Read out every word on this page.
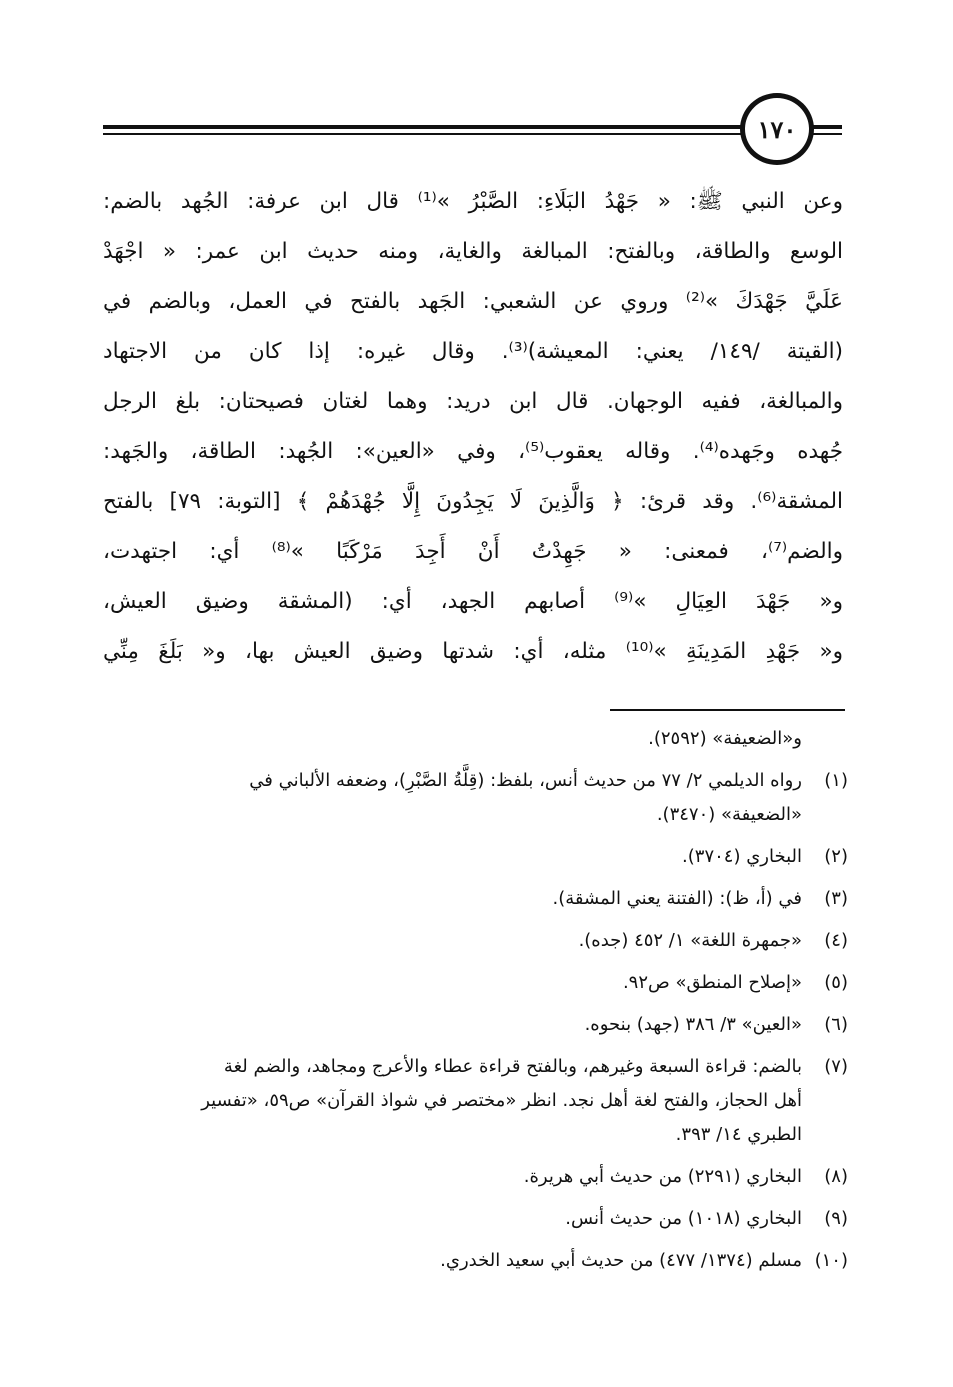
١٧٠
وعن النبي ﷺ: « جَهْدُ البَلَاءِ: الصَّبْرُ »⁽¹⁾ قال ابن عرفة: الجُهد بالضم:
الوسع والطاقة، وبالفتح: المبالغة والغاية، ومنه حديث ابن عمر: « اجْهَدْ
عَلَيَّ جَهْدَكَ »⁽²⁾ وروي عن الشعبي: الجَهد بالفتح في العمل، وبالضم في
(القيتة /١٤٩/ يعني: المعيشة)⁽³⁾. وقال غيره: إذا كان من الاجتهاد
والمبالغة، ففيه الوجهان. قال ابن دريد: وهما لغتان فصيحتان: بلغ الرجل
جُهده وجَهده⁽⁴⁾. وقاله يعقوب⁽⁵⁾، وفي «العين»: الجُهد: الطاقة، والجَهد:
المشقة⁽⁶⁾. وقد قرئ: ﴿ وَالَّذِينَ لَا يَجِدُونَ إِلَّا جُهْدَهُمْ ﴾ [التوبة: ٧٩] بالفتح
والضم⁽⁷⁾، فمعنى: « جَهِدْتُ أَنْ أَجِدَ مَرْكَبًا »⁽⁸⁾ أي: اجتهدت،
و« جَهْدَ العِيَالِ »⁽⁹⁾ أصابهم الجهد، أي: (المشقة وضيق العيش،
و« جَهْدِ المَدِينَةِ »⁽¹⁰⁾ مثله، أي: شدتها وضيق العيش بها، و« بَلَغَ مِنِّي
و«الضعيفة» (٢٥٩٢).
(١)
رواه الديلمي ٢/ ٧٧ من حديث أنس، بلفظ: (قِلَّةُ الصَّبْرِ)، وضعفه الألباني في
«الضعيفة» (٣٤٧٠).
(٢)
البخاري (٣٧٠٤).
(٣)
في (أ، ظ): (الفتنة يعني المشقة).
(٤)
«جمهرة اللغة» ١/ ٤٥٢ (جده).
(٥)
«إصلاح المنطق» ص٩٢.
(٦)
«العين» ٣/ ٣٨٦ (جهد) بنحوه.
(٧)
بالضم: قراءة السبعة وغيرهم، وبالفتح قراءة عطاء والأعرج ومجاهد، والضم لغة
أهل الحجاز، والفتح لغة أهل نجد. انظر «مختصر في شواذ القرآن» ص٥٩، «تفسير
الطبري ١٤/ ٣٩٣.
(٨)
البخاري (٢٢٩١) من حديث أبي هريرة.
(٩)
البخاري (١٠١٨) من حديث أنس.
(١٠)
مسلم (١٣٧٤/ ٤٧٧) من حديث أبي سعيد الخدري.
